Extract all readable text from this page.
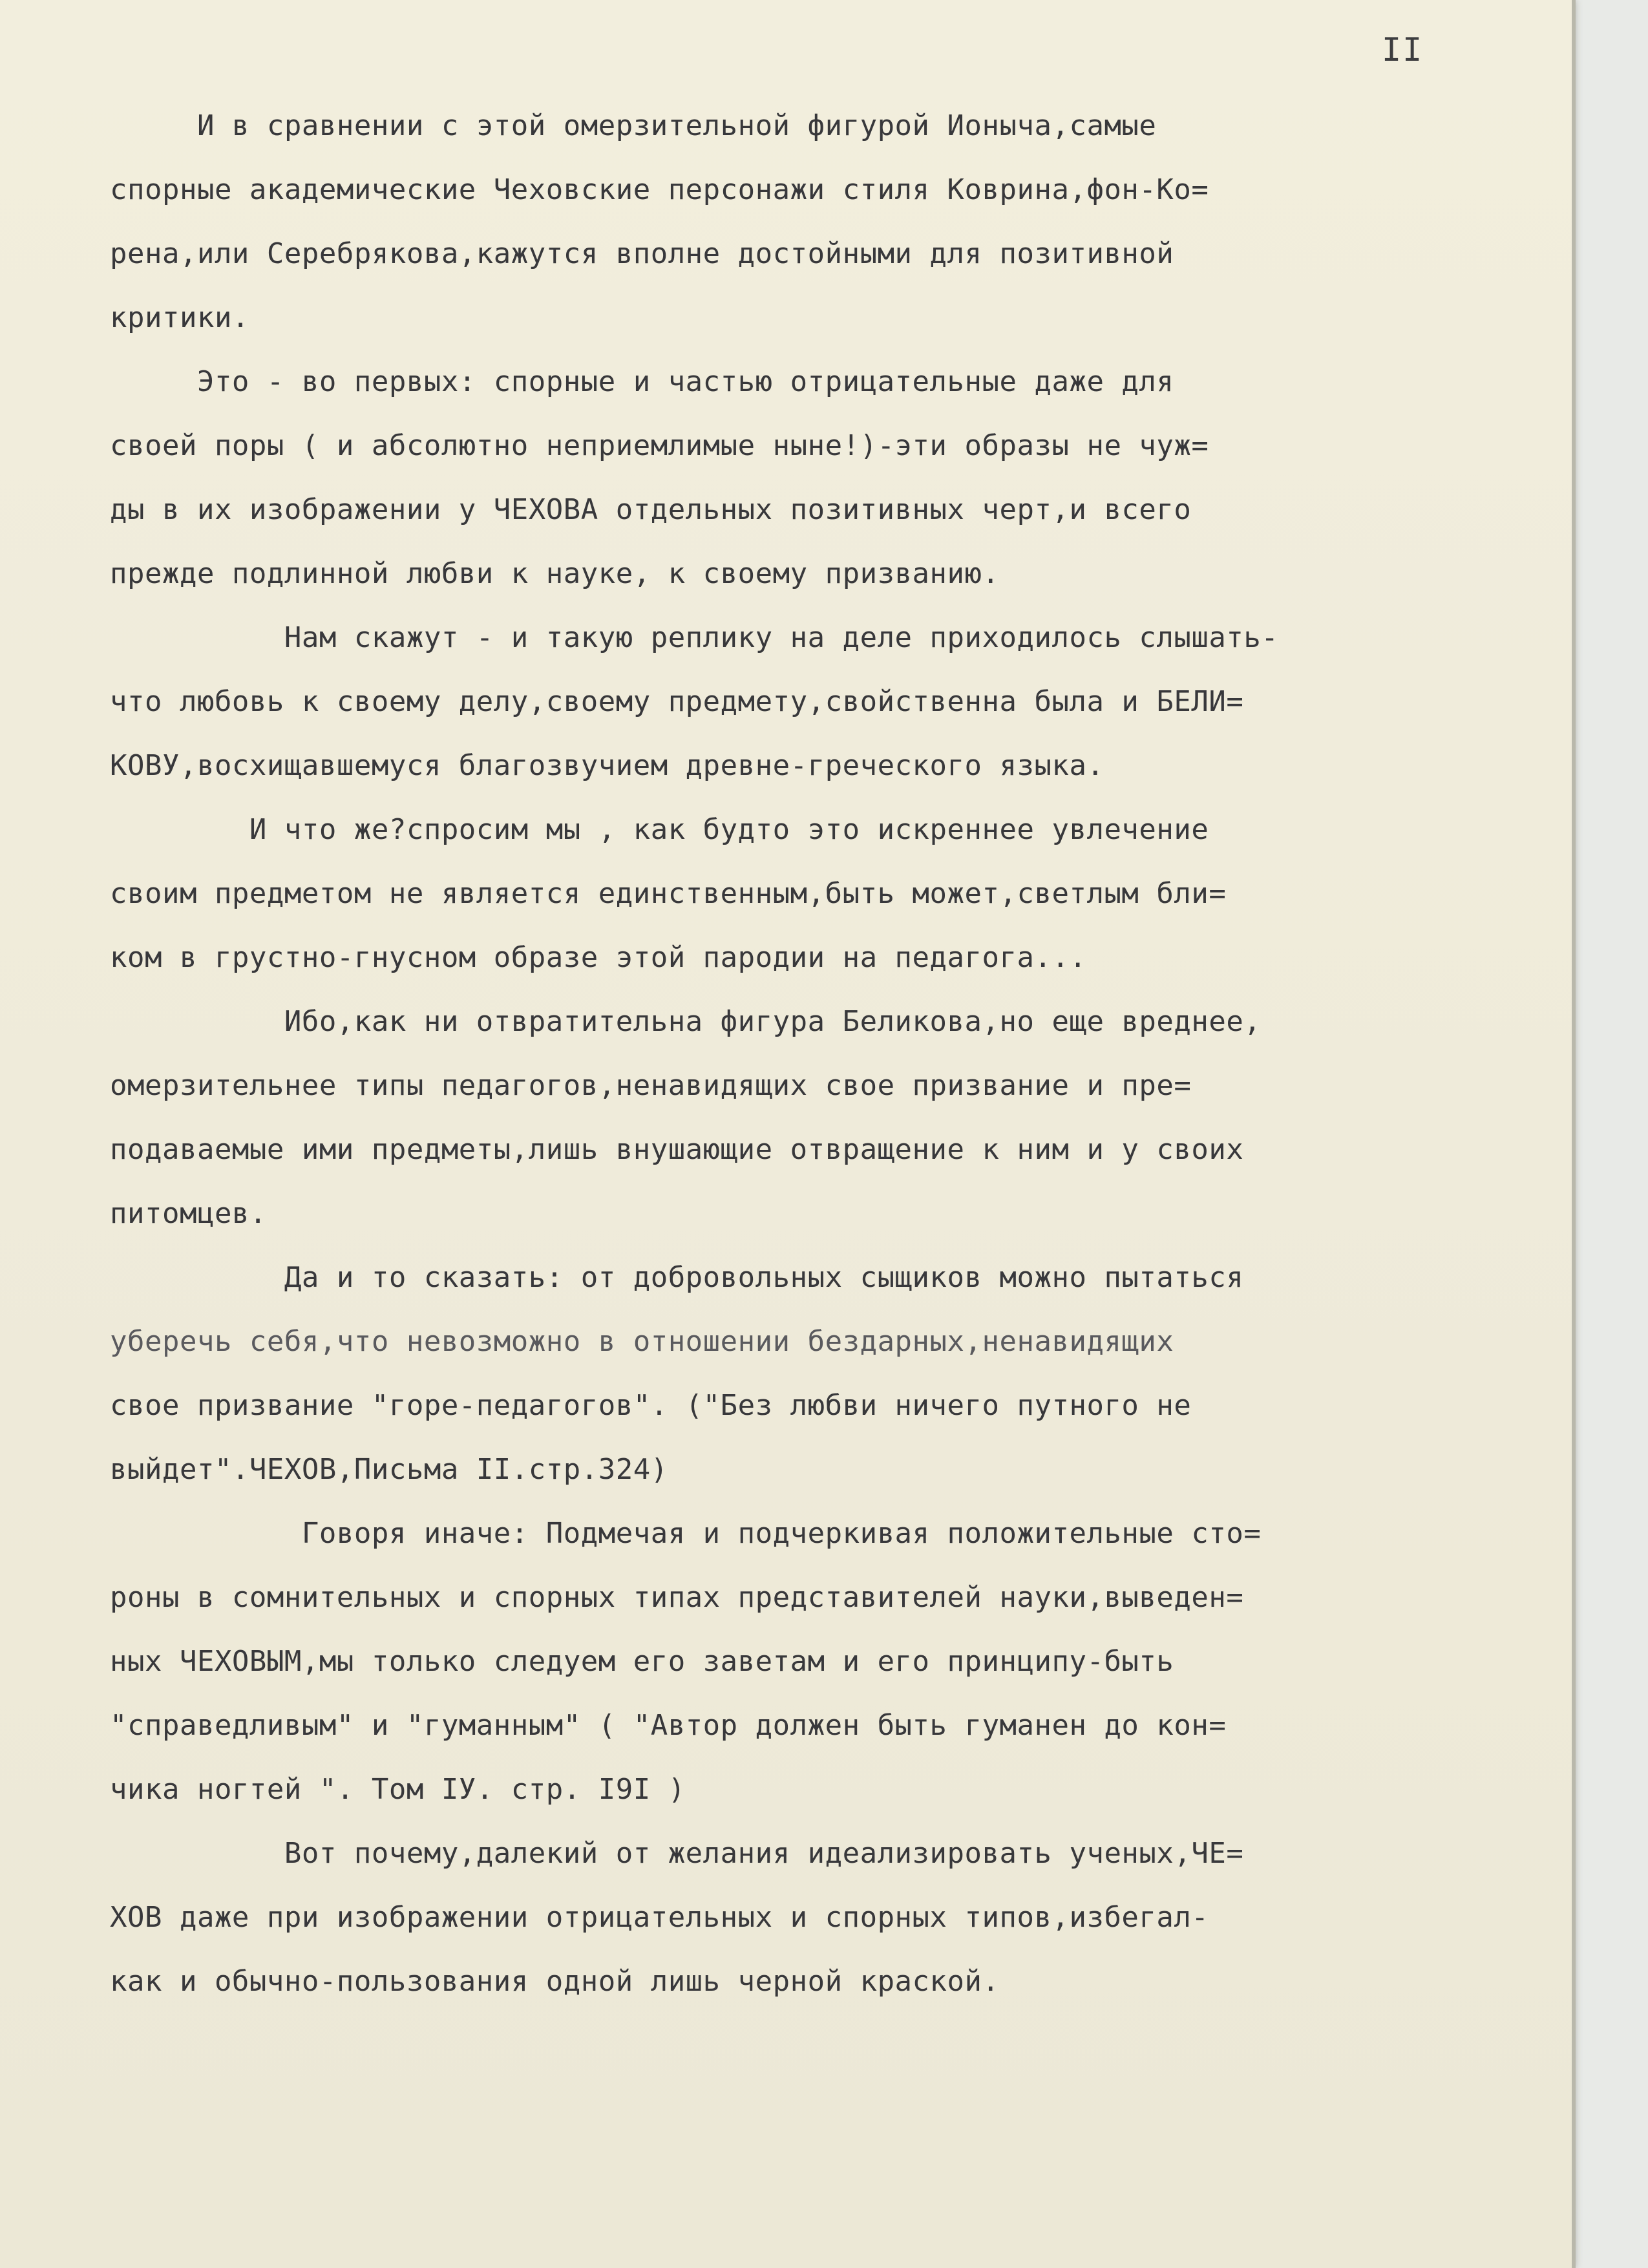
II
И в сравнении с этой омерзительной фигурой Ионыча,самые
спорные академические Чеховские персонажи стиля Коврина,фон-Ко=
рена,или Серебрякова,кажутся вполне достойными для позитивной
критики.
Это - во первых: спорные и частью отрицательные даже для
своей поры ( и абсолютно неприемлимые ныне!)-эти образы не чуж=
ды в их изображении у ЧЕХОВА отдельных позитивных черт,и всего
прежде подлинной любви к науке, к своему призванию.
Нам скажут - и такую реплику на деле приходилось слышать-
что любовь к своему делу,своему предмету,свойственна была и БЕЛИ=
КОВУ,восхищавшемуся благозвучием древне-греческого языка.
И что же?спросим мы , как будто это искреннее увлечение
своим предметом не является единственным,быть может,светлым бли=
ком в грустно-гнусном образе этой пародии на педагога...
Ибо,как ни отвратительна фигура Беликова,но еще вреднее,
омерзительнее типы педагогов,ненавидящих свое призвание и пре=
подаваемые ими предметы,лишь внушающие отвращение к ним и у своих
питомцев.
Да и то сказать: от добровольных сыщиков можно пытаться
уберечь себя,что невозможно в отношении бездарных,ненавидящих
свое призвание "горе-педагогов". ("Без любви ничего путного не
выйдет".ЧЕХОВ,Письма II.стр.324)
Говоря иначе: Подмечая и подчеркивая положительные сто=
роны в сомнительных и спорных типах представителей науки,выведен=
ных ЧЕХОВЫМ,мы только следуем его заветам и его принципу-быть
"справедливым" и "гуманным" ( "Автор должен быть гуманен до кон=
чика ногтей ". Том IУ. стр. I9I )
Вот почему,далекий от желания идеализировать ученых,ЧЕ=
ХОВ даже при изображении отрицательных и спорных типов,избегал-
как и обычно-пользования одной лишь черной краской.
